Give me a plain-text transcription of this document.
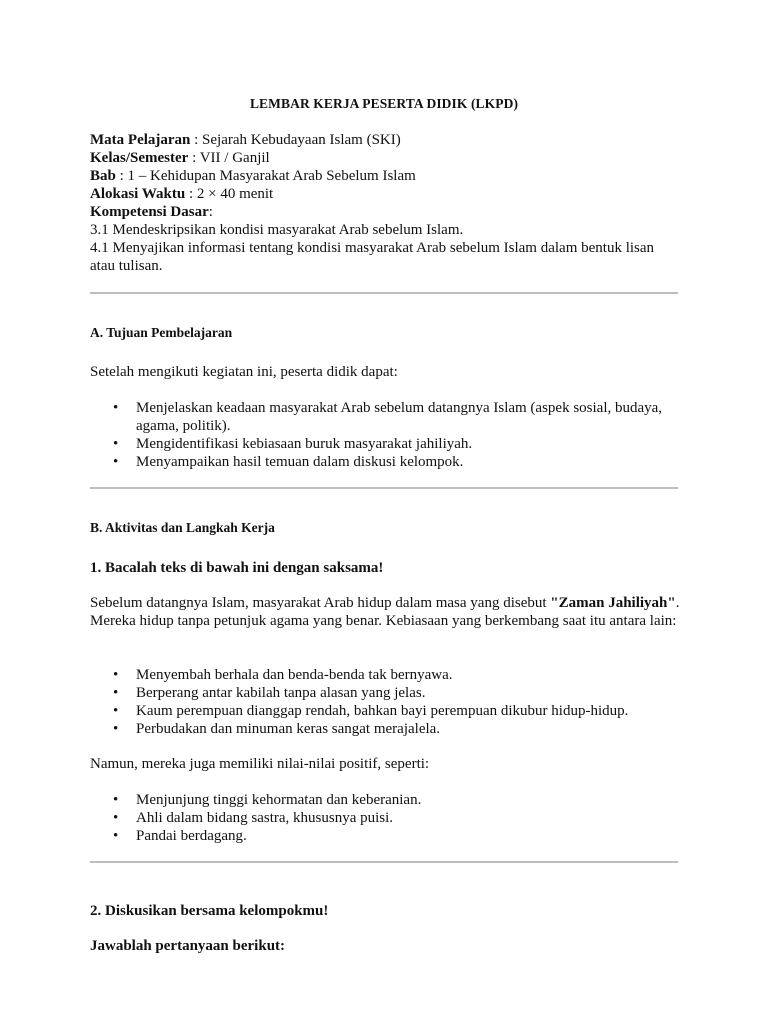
LEMBAR KERJA PESERTA DIDIK (LKPD)

Mata Pelajaran : Sejarah Kebudayaan Islam (SKI)

Kelas/Semester : VII / Ganjil

Bab : 1 – Kehidupan Masyarakat Arab Sebelum Islam

Alokasi Waktu : 2 × 40 menit

Kompetensi Dasar:

3.1 Mendeskripsikan kondisi masyarakat Arab sebelum Islam.

4.1 Menyajikan informasi tentang kondisi masyarakat Arab sebelum Islam dalam bentuk lisan atau tulisan.

A. Tujuan Pembelajaran

Setelah mengikuti kegiatan ini, peserta didik dapat:

• Menjelaskan keadaan masyarakat Arab sebelum datangnya Islam (aspek sosial, budaya, agama, politik).
• Mengidentifikasi kebiasaan buruk masyarakat jahiliyah.
• Menyampaikan hasil temuan dalam diskusi kelompok.
B. Aktivitas dan Langkah Kerja

1. Bacalah teks di bawah ini dengan saksama!

Sebelum datangnya Islam, masyarakat Arab hidup dalam masa yang disebut "Zaman Jahiliyah". Mereka hidup tanpa petunjuk agama yang benar. Kebiasaan yang berkembang saat itu antara lain:

• Menyembah berhala dan benda-benda tak bernyawa.
• Berperang antar kabilah tanpa alasan yang jelas.
• Kaum perempuan dianggap rendah, bahkan bayi perempuan dikubur hidup-hidup.
• Perbudakan dan minuman keras sangat merajalela.

Namun, mereka juga memiliki nilai-nilai positif, seperti:

• Menjunjung tinggi kehormatan dan keberanian.
• Ahli dalam bidang sastra, khususnya puisi.
• Pandai berdagang.

2. Diskusikan bersama kelompokmu!

Jawablah pertanyaan berikut:
